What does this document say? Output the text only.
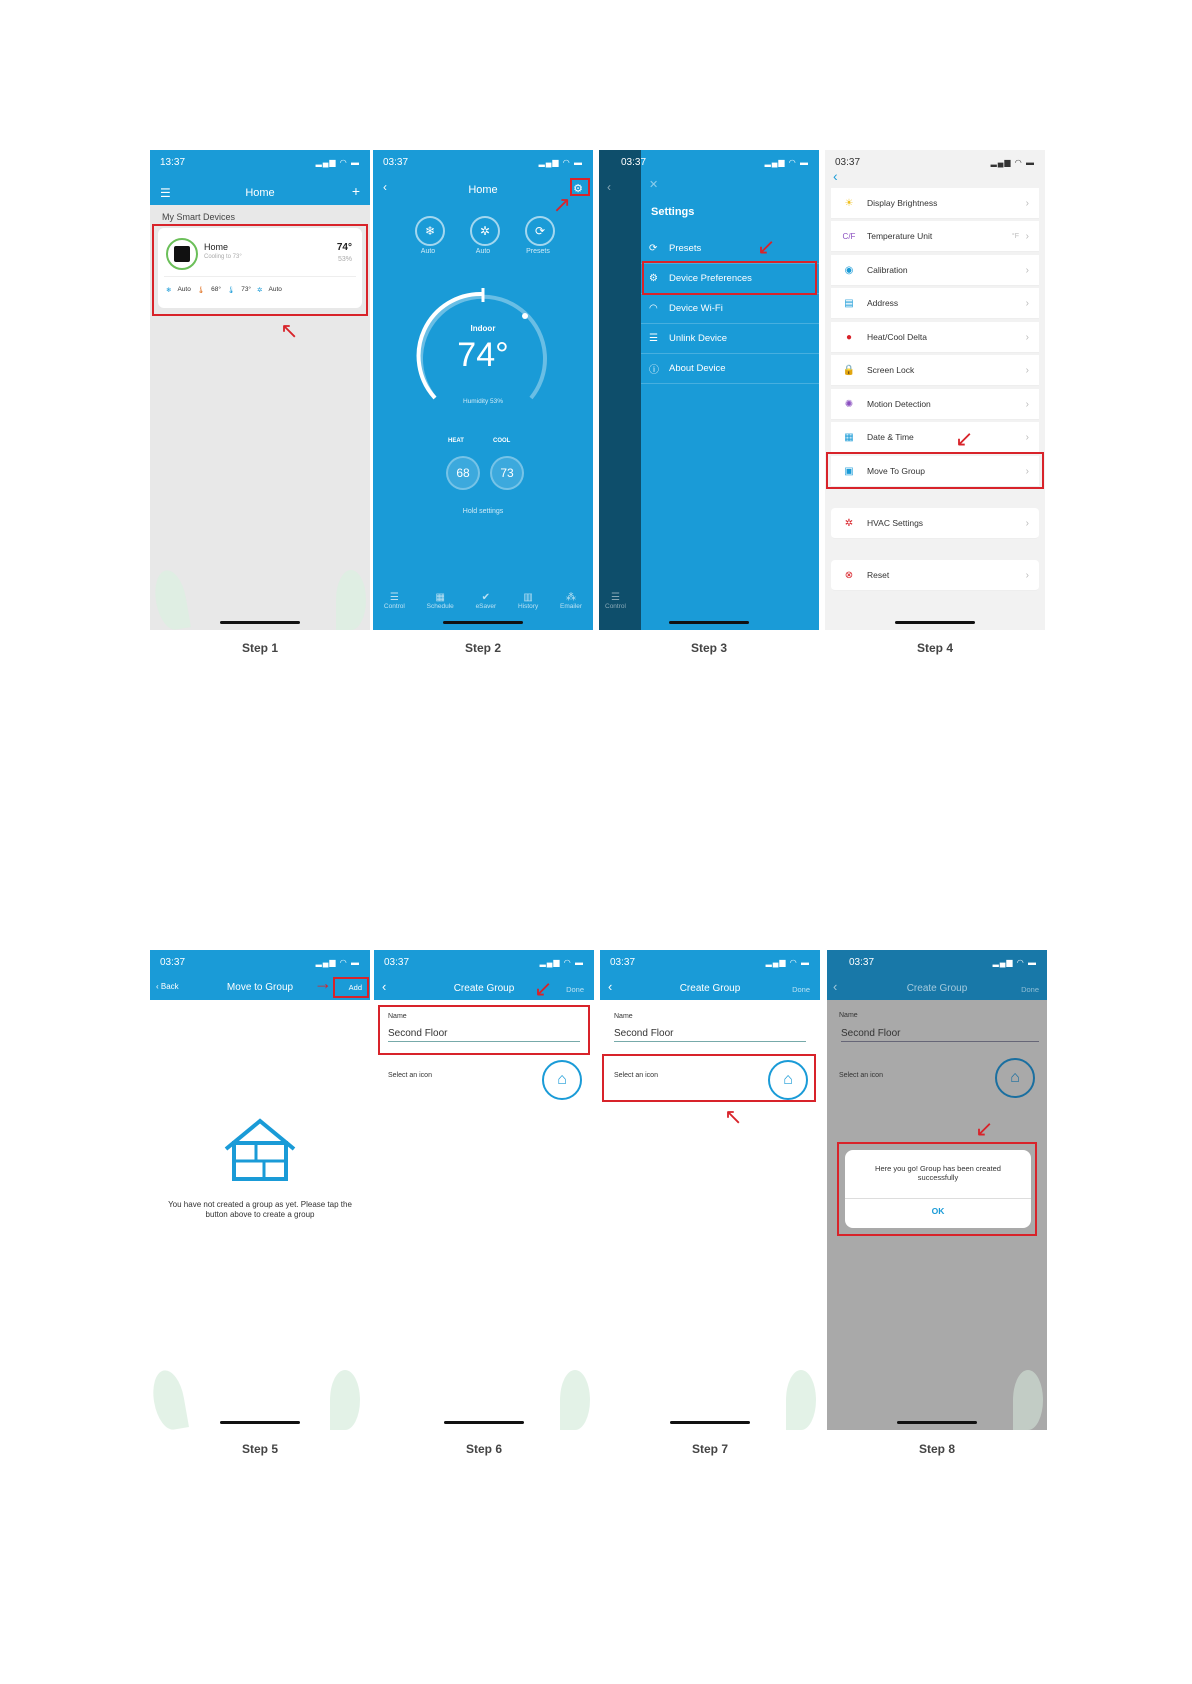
13:37	▂▄▆ ◠ ▬
☰	Home	+
My Smart Devices
Home
Cooling to 73°
74°
53%
❄ Auto 🌡 68° 🌡 73° ✲ Auto
↖
Step 1
03:37	▂▄▆ ◠ ▬
‹	Home	⚙
↗
❄	✲	⟳
Auto	Auto	Presets
Indoor
74°
Humidity 53%
HEAT	COOL
68	73
Hold settings
☰
Control
▦
Schedule
✔
eSaver
▥
History
⁂
Emailer
Step 2
03:37	▂▄▆ ◠ ▬
‹	✕
Settings
⟳	Presets
⚙	Device Preferences
◠	Device Wi-Fi
☰	Unlink Device
ⓘ	About Device
↙
☰
Control
Step 3
03:37	▂▄▆ ◠ ▬
‹
☀	Display Brightness	›
C/F Temperature Unit	°F ›
◉	Calibration	›
▤	Address	›
●	Heat/Cool Delta	›
🔒 Screen Lock	›
✺	Motion Detection	›
▦	Date & Time	›
▣	Move To Group	›
↙
✲	HVAC Settings	›
⊗	Reset	›
Step 4
03:37	▂▄▆ ◠ ▬
‹ Back	Move to Group	Add
→
You have not created a group as yet. Please tap the button above to create a group
Step 5
03:37	▂▄▆ ◠ ▬
‹	Create Group	Done
↙
Name
Second Floor
Select an icon	⌂
Step 6
03:37	▂▄▆ ◠ ▬
‹	Create Group	Done
Name
Second Floor
Select an icon	⌂
↖
Step 7
03:37	▂▄▆ ◠ ▬
‹	Create Group	Done
Name
Second Floor
Select an icon	⌂
Here you go! Group has been created successfully
OK
↙
Step 8
